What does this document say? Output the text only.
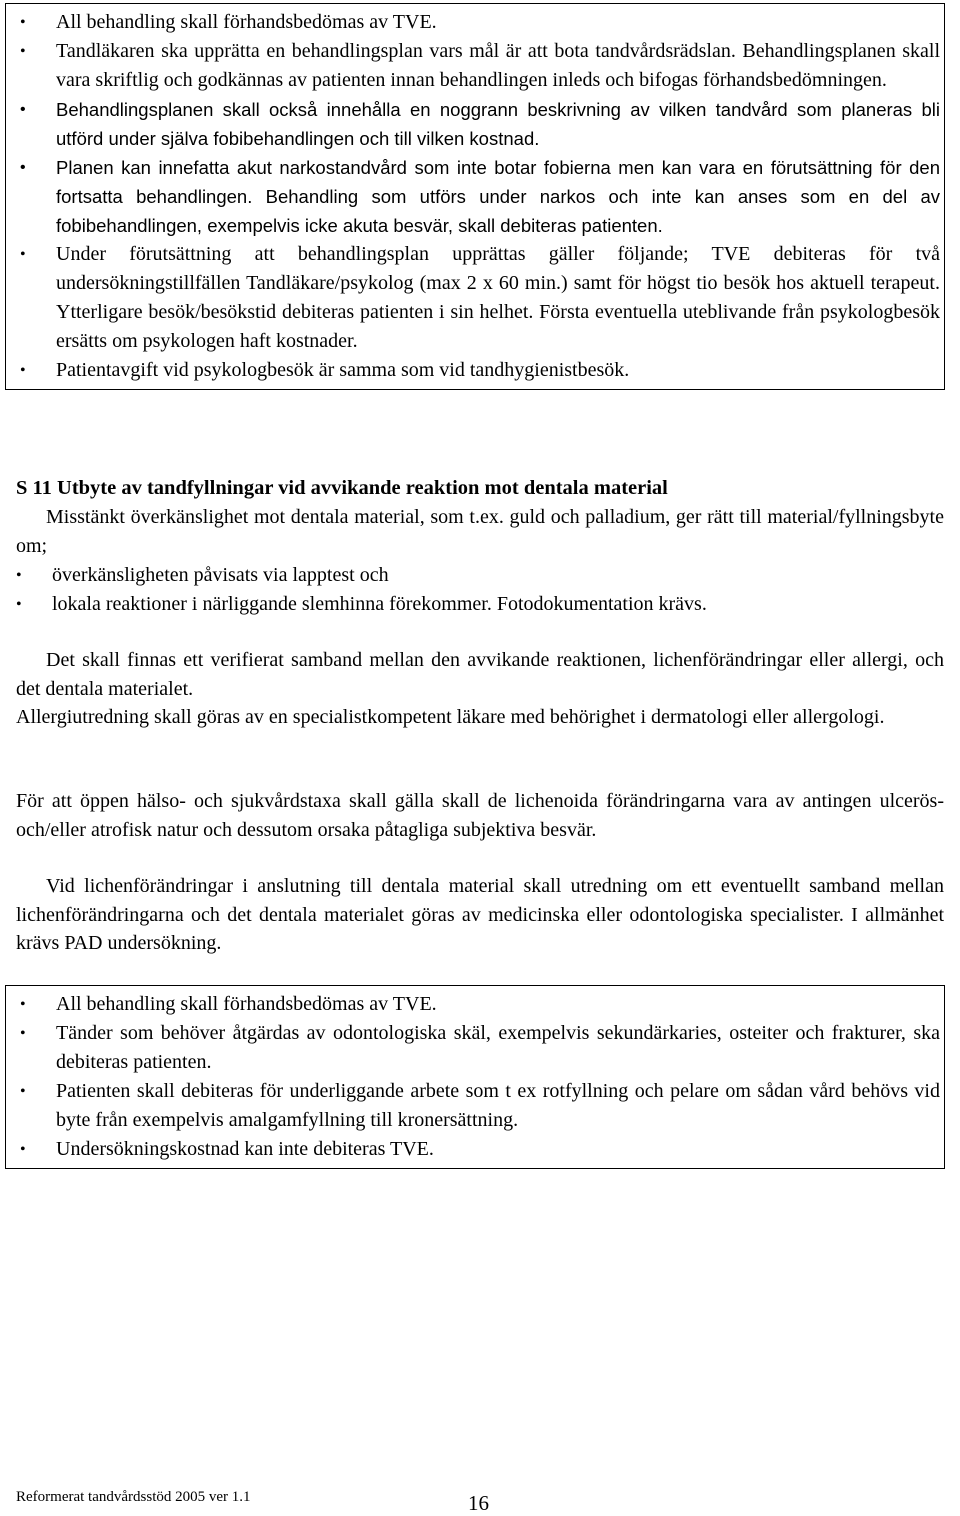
• All behandling skall förhandsbedömas av TVE.
• Tandläkaren ska upprätta en behandlingsplan vars mål är att bota tandvårdsrädslan. Behandlingsplanen skall vara skriftlig och godkännas av patienten innan behandlingen inleds och bifogas förhandsbedömningen.
• Behandlingsplanen skall också innehålla en noggrann beskrivning av vilken tandvård som planeras bli utförd under själva fobibehandlingen och till vilken kostnad.
• Planen kan innefatta akut narkostandvård som inte botar fobierna men kan vara en förutsättning för den fortsatta behandlingen. Behandling som utförs under narkos och inte kan anses som en del av fobibehandlingen, exempelvis icke akuta besvär, skall debiteras patienten.
• Under förutsättning att behandlingsplan upprättas gäller följande; TVE debiteras för två undersökningstillfällen Tandläkare/psykolog (max 2 x 60 min.) samt för högst tio besök hos aktuell terapeut. Ytterligare besök/besökstid debiteras patienten i sin helhet. Första eventuella uteblivande från psykologbesök ersätts om psykologen haft kostnader.
• Patientavgift vid psykologbesök är samma som vid tandhygienistbesök.
S 11 Utbyte av tandfyllningar vid avvikande reaktion mot dentala material
Misstänkt överkänslighet mot dentala material, som t.ex. guld och palladium, ger rätt till material/fyllningsbyte om;
• överkänsligheten påvisats via lapptest och
• lokala reaktioner i närliggande slemhinna förekommer. Fotodokumentation krävs.
Det skall finnas ett verifierat samband mellan den avvikande reaktionen, lichenförändringar eller allergi, och det dentala materialet.
Allergiutredning skall göras av en specialistkompetent läkare med behörighet i dermatologi eller allergologi.
För att öppen hälso- och sjukvårdstaxa skall gälla skall de lichenoida förändringarna vara av antingen ulcerös- och/eller atrofisk natur och dessutom orsaka påtagliga subjektiva besvär.
Vid lichenförändringar i anslutning till dentala material skall utredning om ett eventuellt samband mellan lichenförändringarna och det dentala materialet göras av medicinska eller odontologiska specialister. I allmänhet krävs PAD undersökning.
• All behandling skall förhandsbedömas av TVE.
• Tänder som behöver åtgärdas av odontologiska skäl, exempelvis sekundärkaries, osteiter och frakturer, ska debiteras patienten.
• Patienten skall debiteras för underliggande arbete som t ex rotfyllning och pelare om sådan vård behövs vid byte från exempelvis amalgamfyllning till kronersättning.
• Undersökningskostnad kan inte debiteras TVE.
Reformerat tandvårdsstöd 2005 ver 1.1	16
